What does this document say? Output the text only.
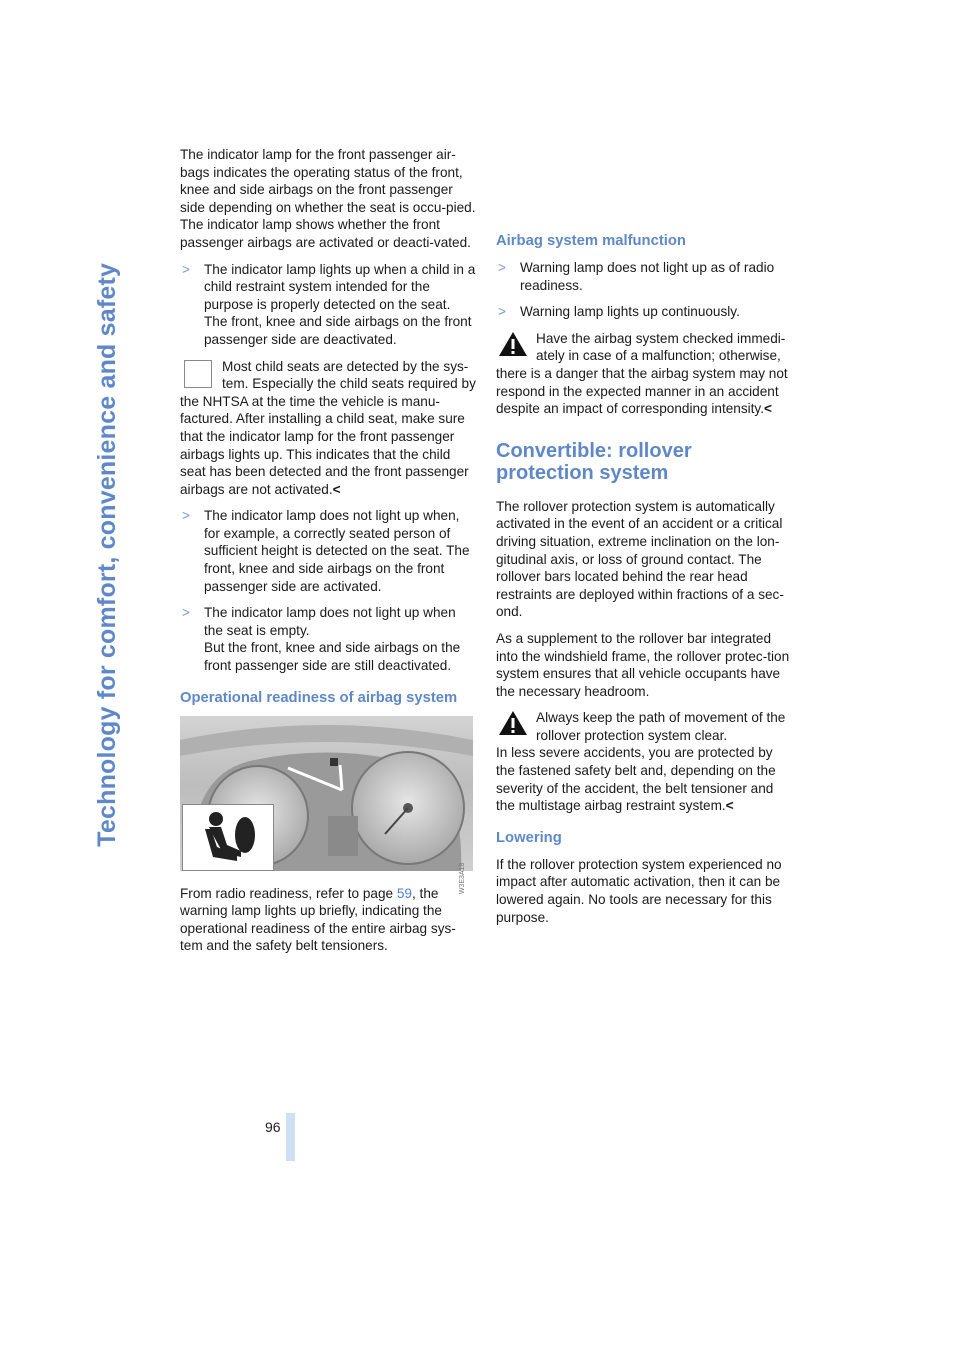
Technology for comfort, convenience and safety
96

The indicator lamp for the front passenger air-bags indicates the operating status of the front, knee and side airbags on the front passenger side depending on whether the seat is occu-pied. The indicator lamp shows whether the front passenger airbags are activated or deacti-vated.

> The indicator lamp lights up when a child in a child restraint system intended for the purpose is properly detected on the seat. The front, knee and side airbags on the front passenger side are deactivated.
Most child seats are detected by the sys-tem. Especially the child seats required by the NHTSA at the time the vehicle is manu-factured. After installing a child seat, make sure that the indicator lamp for the front passenger airbags lights up. This indicates that the child seat has been detected and the front passenger airbags are not activated.<
> The indicator lamp does not light up when, for example, a correctly seated person of sufficient height is detected on the seat. The front, knee and side airbags on the front passenger side are activated.
> The indicator lamp does not light up when the seat is empty.
But the front, knee and side airbags on the front passenger side are still deactivated.
Operational readiness of airbag system
W3E3A18

From radio readiness, refer to page 59, the warning lamp lights up briefly, indicating the operational readiness of the entire airbag sys-tem and the safety belt tensioners.

Airbag system malfunction
> Warning lamp does not light up as of radio readiness.
> Warning lamp lights up continuously.
Have the airbag system checked immedi-ately in case of a malfunction; otherwise, there is a danger that the airbag system may not respond in the expected manner in an accident despite an impact of corresponding intensity.<
Convertible: rollover
protection system

The rollover protection system is automatically activated in the event of an accident or a critical driving situation, extreme inclination on the lon-gitudinal axis, or loss of ground contact. The rollover bars located behind the rear head restraints are deployed within fractions of a sec-ond.

As a supplement to the rollover bar integrated into the windshield frame, the rollover protec-tion system ensures that all vehicle occupants have the necessary headroom.

Always keep the path of movement of the rollover protection system clear.
In less severe accidents, you are protected by the fastened safety belt and, depending on the severity of the accident, the belt tensioner and the multistage airbag restraint system.<
Lowering

If the rollover protection system experienced no impact after automatic activation, then it can be lowered again. No tools are necessary for this purpose.
